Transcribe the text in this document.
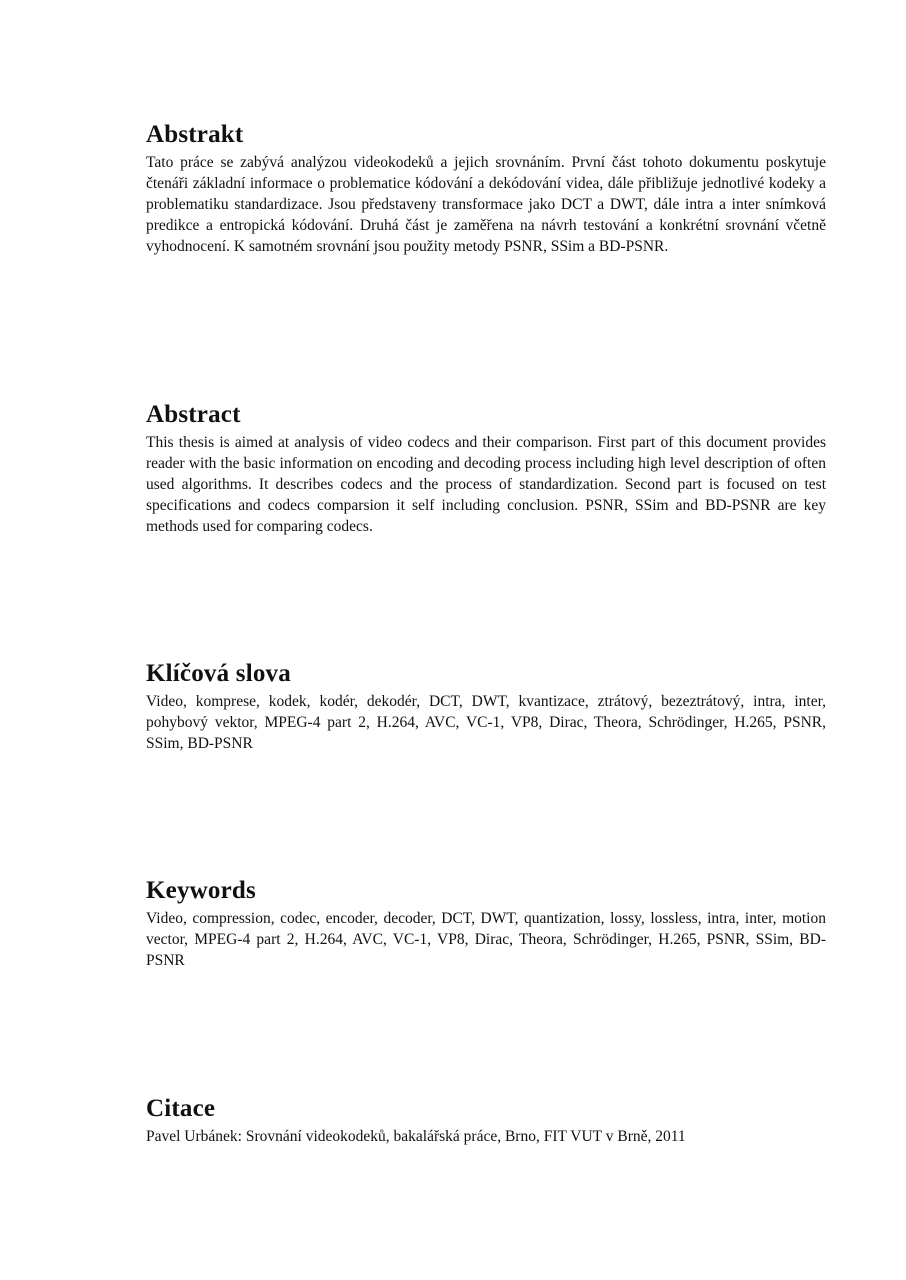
Abstrakt

Tato práce se zabývá analýzou videokodeků a jejich srovnáním. První část tohoto dokumentu poskytuje čtenáři základní informace o problematice kódování a dekódování videa, dále přibližuje jednotlivé kodeky a problematiku standardizace. Jsou představeny transformace jako DCT a DWT, dále intra a inter snímková predikce a entropická kódování. Druhá část je zaměřena na návrh testování a konkrétní srovnání včetně vyhodnocení. K samotném srovnání jsou použity metody PSNR, SSim a BD-PSNR.

Abstract

This thesis is aimed at analysis of video codecs and their comparison. First part of this document provides reader with the basic information on encoding and decoding process including high level description of often used algorithms. It describes codecs and the process of standardization. Second part is focused on test specifications and codecs comparsion it self including conclusion. PSNR, SSim and BD-PSNR are key methods used for comparing codecs.

Klíčová slova

Video, komprese, kodek, kodér, dekodér, DCT, DWT, kvantizace, ztrátový, bezeztrátový, intra, inter, pohybový vektor, MPEG-4 part 2, H.264, AVC, VC-1, VP8, Dirac, Theora, Schrödinger, H.265, PSNR, SSim, BD-PSNR

Keywords

Video, compression, codec, encoder, decoder, DCT, DWT, quantization, lossy, lossless, intra, inter, motion vector, MPEG-4 part 2, H.264, AVC, VC-1, VP8, Dirac, Theora, Schrödinger, H.265, PSNR, SSim, BD-PSNR

Citace

Pavel Urbánek: Srovnání videokodeků, bakalářská práce, Brno, FIT VUT v Brně, 2011
